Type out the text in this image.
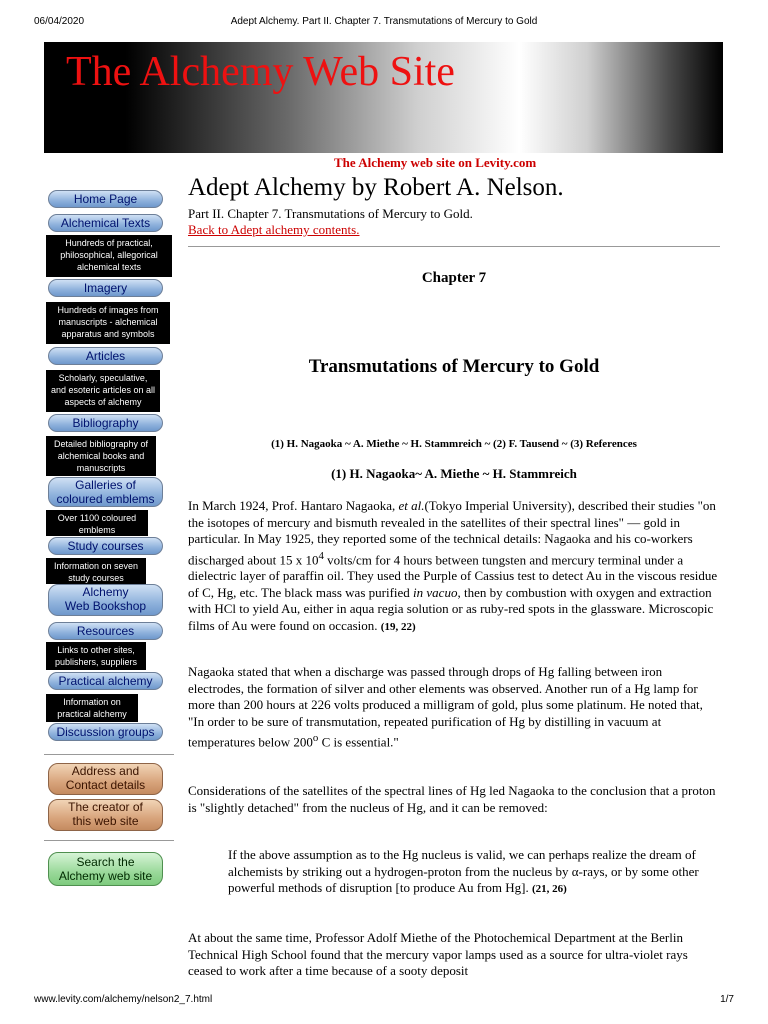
06/04/2020	Adept Alchemy. Part II. Chapter 7. Transmutations of Mercury to Gold
The Alchemy Web Site
The Alchemy web site on Levity.com
Home Page
Alchemical Texts
Hundreds of practical, philosophical, allegorical alchemical texts
Imagery
Hundreds of images from manuscripts - alchemical apparatus and symbols
Articles
Scholarly, speculative, and esoteric articles on all aspects of alchemy
Bibliography
Detailed bibliography of alchemical books and manuscripts
Galleries of
coloured emblems
Over 1100 coloured emblems
Study courses
Information on seven study courses
Alchemy
Web Bookshop
Resources
Links to other sites, publishers, suppliers
Practical alchemy
Information on practical alchemy
Discussion groups
Address and
Contact details
The creator of
this web site
Search the
Alchemy web site
Adept Alchemy by Robert A. Nelson.
Part II. Chapter 7. Transmutations of Mercury to Gold.
Back to Adept alchemy contents.
Chapter 7
Transmutations of Mercury to Gold
(1) H. Nagaoka ~ A. Miethe ~ H. Stammreich ~ (2) F. Tausend ~ (3) References
(1) H. Nagaoka~ A. Miethe ~ H. Stammreich
In March 1924, Prof. Hantaro Nagaoka, et al.(Tokyo Imperial University), described their studies "on the isotopes of mercury and bismuth revealed in the satellites of their spectral lines" — gold in particular. In May 1925, they reported some of the technical details: Nagaoka and his co-workers discharged about 15 x $10^4$ volts/cm for 4 hours between tungsten and mercury terminal under a dielectric layer of paraffin oil. They used the Purple of Cassius test to detect Au in the viscous residue of C, Hg, etc. The black mass was purified in vacuo, then by combustion with oxygen and extraction with HCl to yield Au, either in aqua regia solution or as ruby-red spots in the glassware. Microscopic films of Au were found on occasion. (19, 22)
Nagaoka stated that when a discharge was passed through drops of Hg falling between iron electrodes, the formation of silver and other elements was observed. Another run of a Hg lamp for more than 200 hours at 226 volts produced a milligram of gold, plus some platinum. He noted that, "In order to be sure of transmutation, repeated purification of Hg by distilling in vacuum at temperatures below 200$^o$ C is essential."
Considerations of the satellites of the spectral lines of Hg led Nagaoka to the conclusion that a proton is "slightly detached" from the nucleus of Hg, and it can be removed:
If the above assumption as to the Hg nucleus is valid, we can perhaps realize the dream of alchemists by striking out a hydrogen-proton from the nucleus by α-rays, or by some other powerful methods of disruption [to produce Au from Hg]. (21, 26)
At about the same time, Professor Adolf Miethe of the Photochemical Department at the Berlin Technical High School found that the mercury vapor lamps used as a source for ultra-violet rays ceased to work after a time because of a sooty deposit
www.levity.com/alchemy/nelson2_7.html	1/7
